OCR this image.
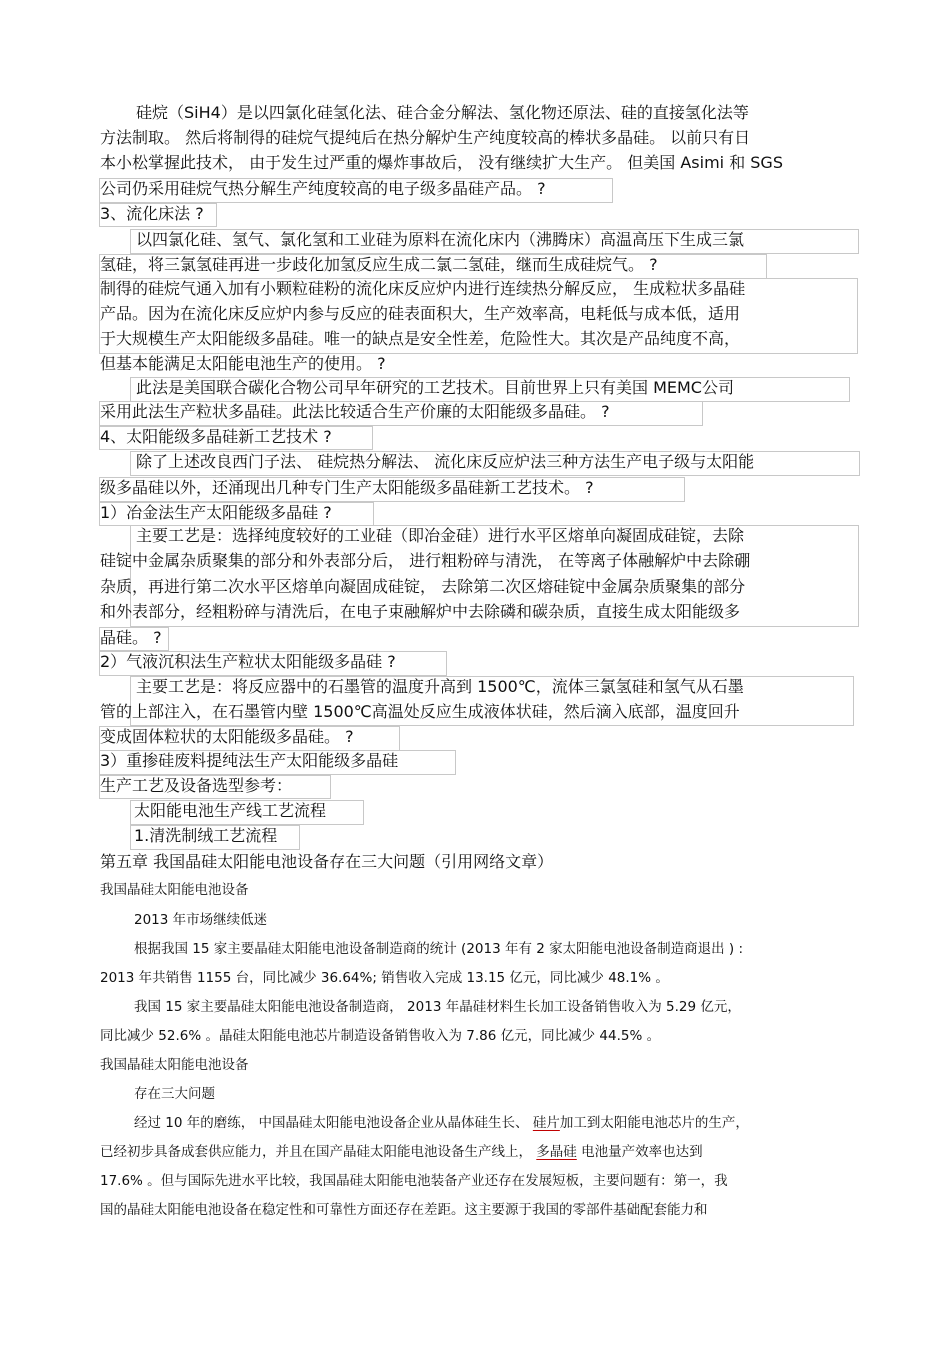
硅烷（SiH4）是以四氯化硅氢化法、硅合金分解法、氢化物还原法、硅的直接氢化法等
方法制取。 然后将制得的硅烷气提纯后在热分解炉生产纯度较高的棒状多晶硅。 以前只有日
本小松掌握此技术， 由于发生过严重的爆炸事故后， 没有继续扩大生产。 但美国 Asimi 和 SGS
公司仍采用硅烷气热分解生产纯度较高的电子级多晶硅产品。 ?
3、流化床法 ?
以四氯化硅、氢气、氯化氢和工业硅为原料在流化床内（沸腾床）高温高压下生成三氯
氢硅，将三氯氢硅再进一步歧化加氢反应生成二氯二氢硅，继而生成硅烷气。 ?
制得的硅烷气通入加有小颗粒硅粉的流化床反应炉内进行连续热分解反应， 生成粒状多晶硅
产品。因为在流化床反应炉内参与反应的硅表面积大，生产效率高，电耗低与成本低，适用
于大规模生产太阳能级多晶硅。唯一的缺点是安全性差，危险性大。其次是产品纯度不高，
但基本能满足太阳能电池生产的使用。 ?
此法是美国联合碳化合物公司早年研究的工艺技术。目前世界上只有美国 MEMC公司
采用此法生产粒状多晶硅。此法比较适合生产价廉的太阳能级多晶硅。 ?
4、太阳能级多晶硅新工艺技术 ?
除了上述改良西门子法、 硅烷热分解法、 流化床反应炉法三种方法生产电子级与太阳能
级多晶硅以外，还涌现出几种专门生产太阳能级多晶硅新工艺技术。 ?
1）冶金法生产太阳能级多晶硅 ?
主要工艺是：选择纯度较好的工业硅（即冶金硅）进行水平区熔单向凝固成硅锭，去除
硅锭中金属杂质聚集的部分和外表部分后， 进行粗粉碎与清洗， 在等离子体融解炉中去除硼
杂质，再进行第二次水平区熔单向凝固成硅锭， 去除第二次区熔硅锭中金属杂质聚集的部分
和外表部分，经粗粉碎与清洗后，在电子束融解炉中去除磷和碳杂质，直接生成太阳能级多
晶硅。 ?
2）气液沉积法生产粒状太阳能级多晶硅 ?
主要工艺是：将反应器中的石墨管的温度升高到 1500℃，流体三氯氢硅和氢气从石墨
管的上部注入，在石墨管内壁 1500℃高温处反应生成液体状硅，然后滴入底部，温度回升
变成固体粒状的太阳能级多晶硅。 ?
3）重掺硅废料提纯法生产太阳能级多晶硅
生产工艺及设备选型参考：
太阳能电池生产线工艺流程
1.清洗制绒工艺流程
第五章 我国晶硅太阳能电池设备存在三大问题（引用网络文章）
我国晶硅太阳能电池设备
2013 年市场继续低迷
根据我国 15 家主要晶硅太阳能电池设备制造商的统计 (2013 年有 2 家太阳能电池设备制造商退出 ) :
2013 年共销售 1155 台，同比减少 36.64%; 销售收入完成 13.15 亿元，同比减少 48.1% 。
我国 15 家主要晶硅太阳能电池设备制造商， 2013 年晶硅材料生长加工设备销售收入为 5.29 亿元，
同比减少 52.6% 。晶硅太阳能电池芯片制造设备销售收入为 7.86 亿元，同比减少 44.5% 。
我国晶硅太阳能电池设备
存在三大问题
经过 10 年的磨练， 中国晶硅太阳能电池设备企业从晶体硅生长、 硅片加工到太阳能电池芯片的生产，
已经初步具备成套供应能力，并且在国产晶硅太阳能电池设备生产线上， 多晶硅 电池量产效率也达到
17.6% 。但与国际先进水平比较，我国晶硅太阳能电池装备产业还存在发展短板，主要问题有：第一，我
国的晶硅太阳能电池设备在稳定性和可靠性方面还存在差距。这主要源于我国的零部件基础配套能力和
